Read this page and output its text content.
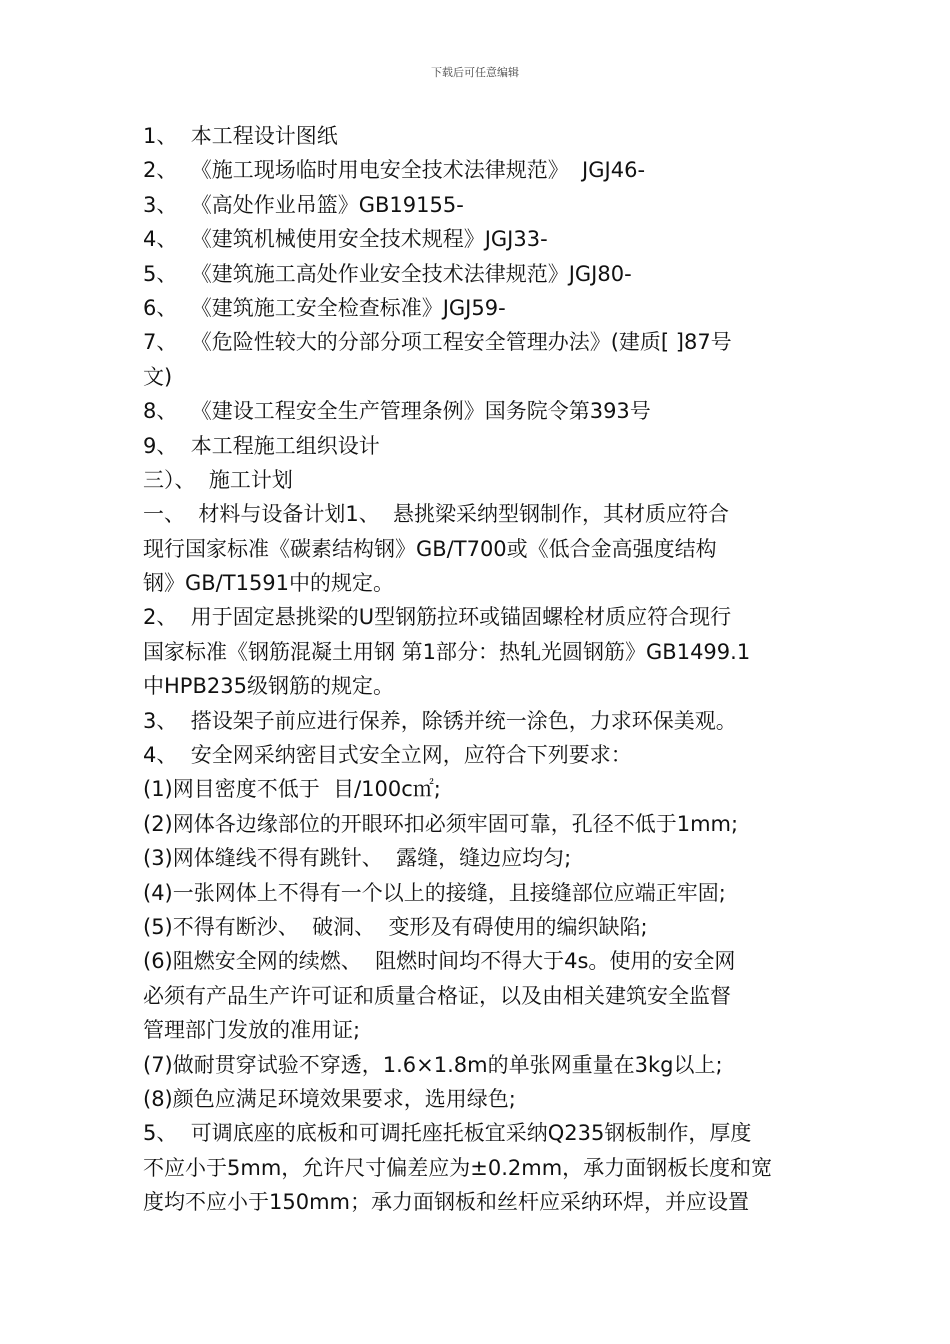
下载后可任意编辑
1、  本工程设计图纸
2、  《施工现场临时用电安全技术法律规范》  JGJ46-
3、  《高处作业吊篮》GB19155-
4、  《建筑机械使用安全技术规程》JGJ33-
5、  《建筑施工高处作业安全技术法律规范》JGJ80-
6、  《建筑施工安全检查标准》JGJ59-
7、  《危险性较大的分部分项工程安全管理办法》(建质[ ]87号
文)
8、  《建设工程安全生产管理条例》国务院令第393号
9、  本工程施工组织设计
三）、  施工计划
一、  材料与设备计划1、  悬挑梁采纳型钢制作，其材质应符合
现行国家标准《碳素结构钢》GB/T700或《低合金高强度结构
钢》GB/T1591中的规定。
2、  用于固定悬挑梁的U型钢筋拉环或锚固螺栓材质应符合现行
国家标准《钢筋混凝土用钢 第1部分：热轧光圆钢筋》GB1499.1
中HPB235级钢筋的规定。
3、  搭设架子前应进行保养，除锈并统一涂色，力求环保美观。
4、  安全网采纳密目式安全立网，应符合下列要求：
(1)网目密度不低于  目/100c㎡;
(2)网体各边缘部位的开眼环扣必须牢固可靠，孔径不低于1mm;
(3)网体缝线不得有跳针、  露缝，缝边应均匀;
(4)一张网体上不得有一个以上的接缝，且接缝部位应端正牢固;
(5)不得有断沙、  破洞、  变形及有碍使用的编织缺陷;
(6)阻燃安全网的续燃、  阻燃时间均不得大于4s。使用的安全网
必须有产品生产许可证和质量合格证，以及由相关建筑安全监督
管理部门发放的准用证;
(7)做耐贯穿试验不穿透，1.6×1.8m的单张网重量在3kg以上;
(8)颜色应满足环境效果要求，选用绿色;
5、  可调底座的底板和可调托座托板宜采纳Q235钢板制作，厚度
不应小于5mm，允许尺寸偏差应为±0.2mm，承力面钢板长度和宽
度均不应小于150mm；承力面钢板和丝杆应采纳环焊，并应设置
